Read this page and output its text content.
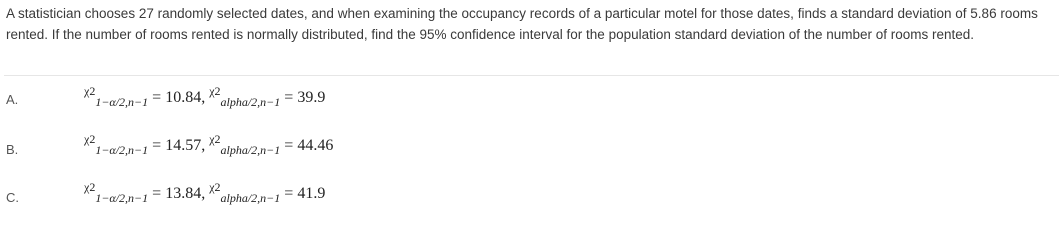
A statistician chooses 27 randomly selected dates, and when examining the occupancy records of a particular motel for those dates, finds a standard deviation of 5.86 rooms rented. If the number of rooms rented is normally distributed, find the 95% confidence interval for the population standard deviation of the number of rooms rented.
A.
$^{\chi 2}_{1-\alpha/2,n-1}$ = 10.84, $^{\chi 2}_{alpha/2,n-1}$ = 39.9
B.
$^{\chi 2}_{1-\alpha/2,n-1}$ = 14.57, $^{\chi 2}_{alpha/2,n-1}$ = 44.46
C.
$^{\chi 2}_{1-\alpha/2,n-1}$ = 13.84, $^{\chi 2}_{alpha/2,n-1}$ = 41.9
